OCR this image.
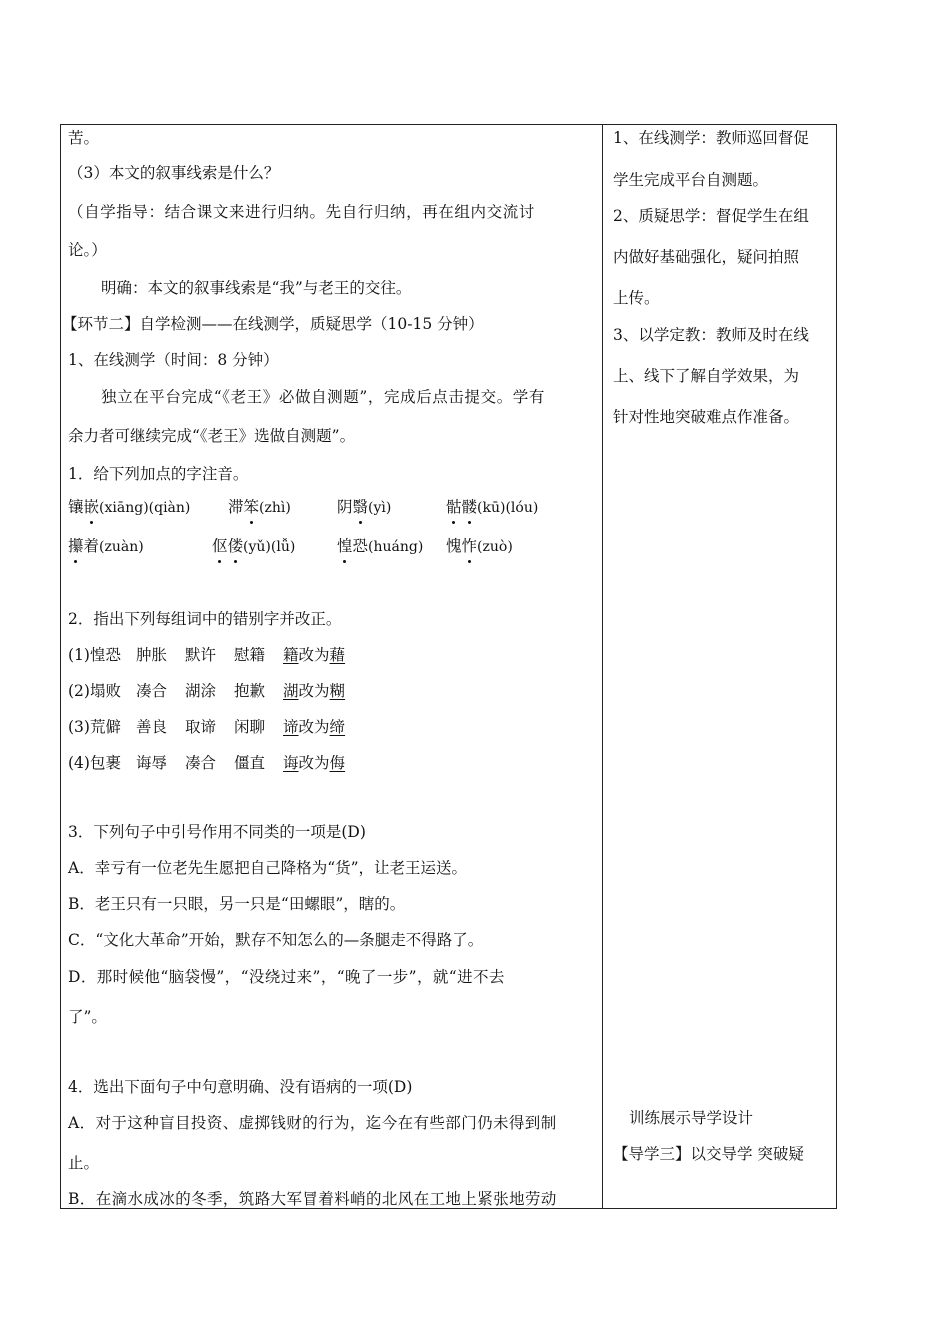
苦。
（3）本文的叙事线索是什么？
（自学指导：结合课文来进行归纳。先自行归纳，再在组内交流讨
论。）
明确：本文的叙事线索是“我”与老王的交往。
【环节二】自学检测——在线测学，质疑思学（10-15 分钟）
1、在线测学（时间：8 分钟）
独立在平台完成“《老王》必做自测题”，完成后点击提交。学有
余力者可继续完成“《老王》选做自测题”。
1．给下列加点的字注音。
镶嵌(xiāng)(qiàn) 滞笨(zhì)	阴翳(yì)	骷髅(kū)(lóu)
攥着(zuàn)	伛偻(yǔ)(lǚ)	惶恐(huáng) 愧怍(zuò)
2．指出下列每组词中的错别字并改正。
(1)惶恐 肿胀 默许 慰籍 籍改为藉
(2)塌败 凑合 湖涂 抱歉 湖改为糊
(3)荒僻 善良 取谛 闲聊 谛改为缔
(4)包裹 诲辱 凑合 僵直 诲改为侮
3．下列句子中引号作用不同类的一项是(D)
A．幸亏有一位老先生愿把自己降格为“货”，让老王运送。
B．老王只有一只眼，另一只是“田螺眼”，瞎的。
C．“文化大革命”开始，默存不知怎么的—条腿走不得路了。
D．那时候他“脑袋慢”，“没绕过来”，“晚了一步”，就“进不去
了”。
4．选出下面句子中句意明确、没有语病的一项(D)
A．对于这种盲目投资、虚掷钱财的行为，迄今在有些部门仍未得到制
止。
B．在滴水成冰的冬季，筑路大军冒着料峭的北风在工地上紧张地劳动
1、在线测学：教师巡回督促
学生完成平台自测题。
2、质疑思学：督促学生在组
内做好基础强化，疑问拍照
上传。
3、以学定教：教师及时在线
上、线下了解自学效果，为
针对性地突破难点作准备。
训练展示导学设计
【导学三】以交导学 突破疑
